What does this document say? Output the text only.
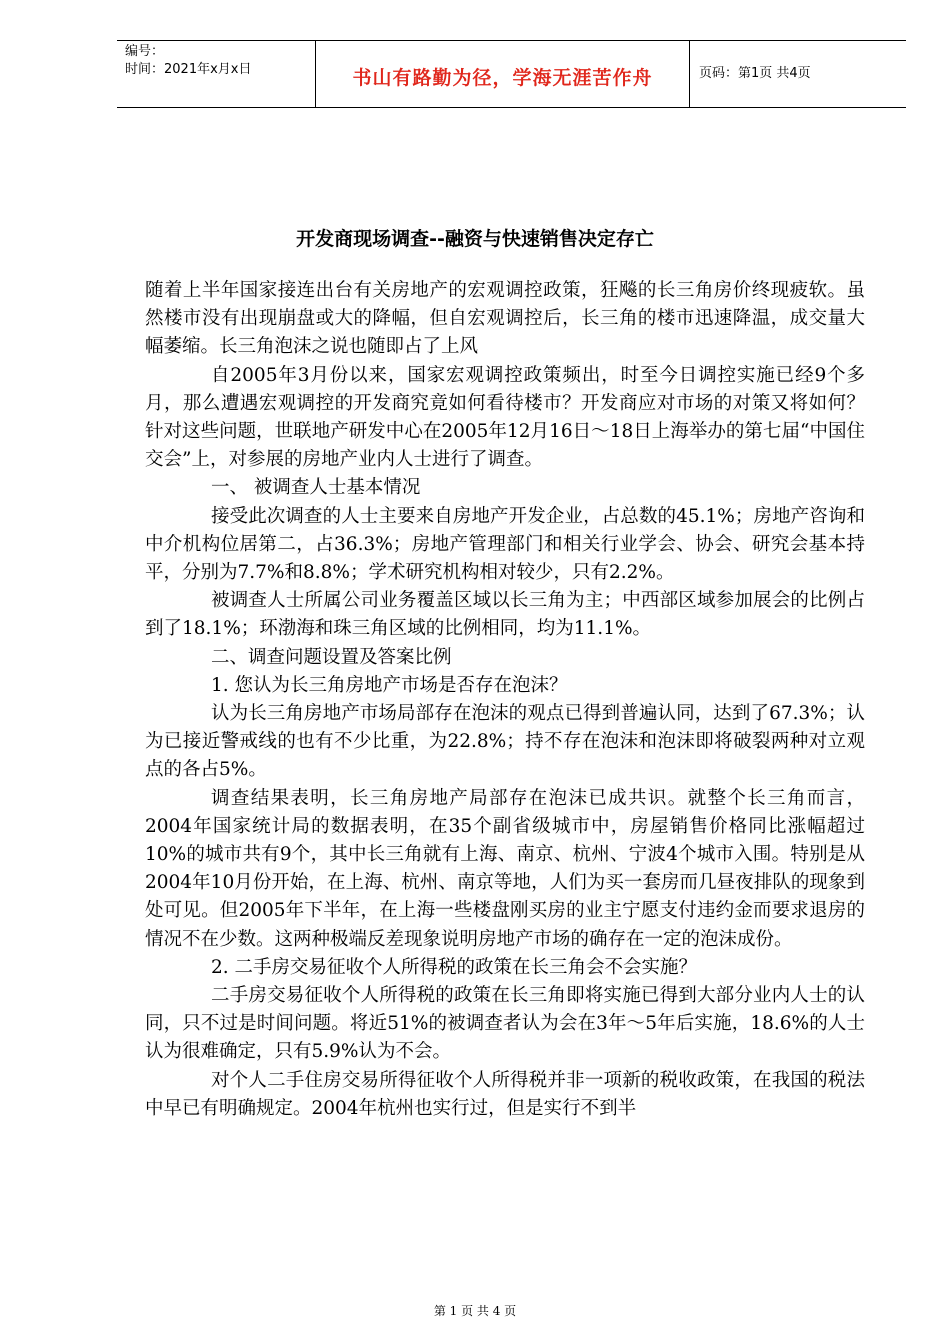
编号：
时间：2021年x月x日	书山有路勤为径，学海无涯苦作舟	页码：第1页 共4页
开发商现场调查--融资与快速销售决定存亡

随着上半年国家接连出台有关房地产的宏观调控政策，狂飚的长三角房价终现疲软。虽然楼市没有出现崩盘或大的降幅，但自宏观调控后，长三角的楼市迅速降温，成交量大幅萎缩。长三角泡沫之说也随即占了上风

自2005年3月份以来，国家宏观调控政策频出，时至今日调控实施已经9个多月，那么遭遇宏观调控的开发商究竟如何看待楼市？开发商应对市场的对策又将如何？针对这些问题，世联地产研发中心在2005年12月16日～18日上海举办的第七届“中国住交会”上，对参展的房地产业内人士进行了调查。

一、 被调查人士基本情况

接受此次调查的人士主要来自房地产开发企业，占总数的45.1%；房地产咨询和中介机构位居第二，占36.3%；房地产管理部门和相关行业学会、协会、研究会基本持平，分别为7.7%和8.8%；学术研究机构相对较少，只有2.2%。

被调查人士所属公司业务覆盖区域以长三角为主；中西部区域参加展会的比例占到了18.1%；环渤海和珠三角区域的比例相同，均为11.1%。

二、调查问题设置及答案比例

1. 您认为长三角房地产市场是否存在泡沫？

认为长三角房地产市场局部存在泡沫的观点已得到普遍认同，达到了67.3%；认为已接近警戒线的也有不少比重，为22.8%；持不存在泡沫和泡沫即将破裂两种对立观点的各占5%。

调查结果表明，长三角房地产局部存在泡沫已成共识。就整个长三角而言，2004年国家统计局的数据表明，在35个副省级城市中，房屋销售价格同比涨幅超过10%的城市共有9个，其中长三角就有上海、南京、杭州、宁波4个城市入围。特别是从2004年10月份开始，在上海、杭州、南京等地，人们为买一套房而几昼夜排队的现象到处可见。但2005年下半年，在上海一些楼盘刚买房的业主宁愿支付违约金而要求退房的情况不在少数。这两种极端反差现象说明房地产市场的确存在一定的泡沫成份。

2. 二手房交易征收个人所得税的政策在长三角会不会实施？

二手房交易征收个人所得税的政策在长三角即将实施已得到大部分业内人士的认同，只不过是时间问题。将近51%的被调查者认为会在3年～5年后实施，18.6%的人士认为很难确定，只有5.9%认为不会。

对个人二手住房交易所得征收个人所得税并非一项新的税收政策，在我国的税法中早已有明确规定。2004年杭州也实行过，但是实行不到半

第 1 页 共 4 页
